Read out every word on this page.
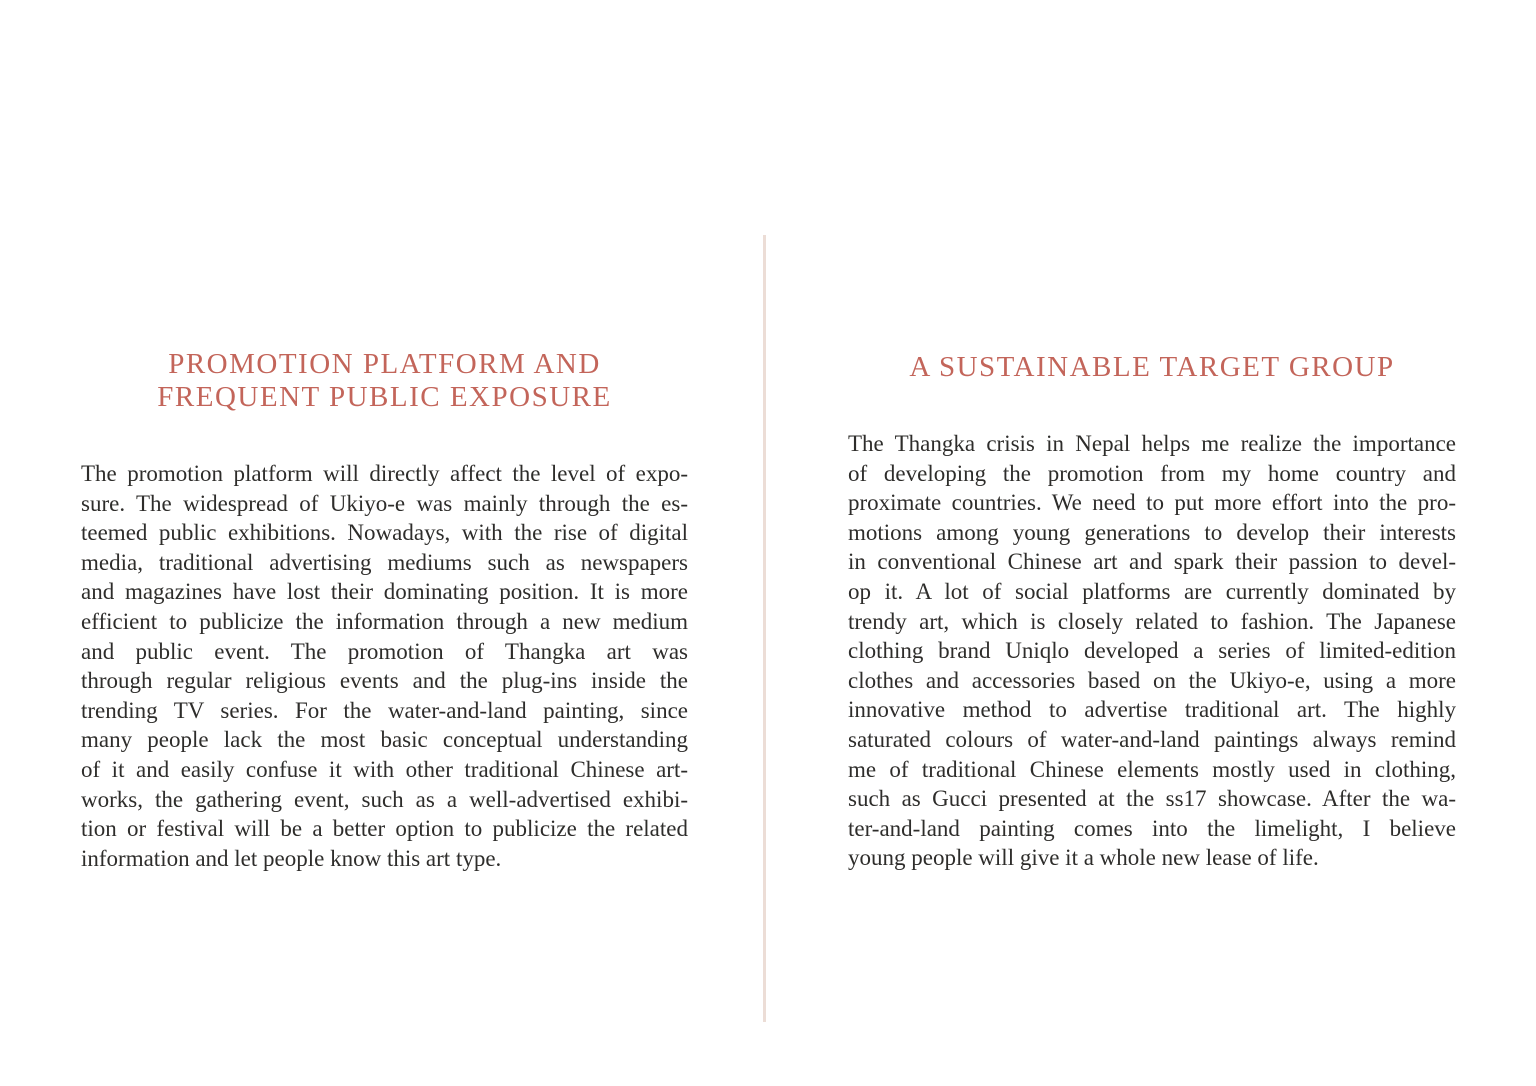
PROMOTION PLATFORM AND
FREQUENT PUBLIC EXPOSURE
The promotion platform will directly affect the level of expo-
sure. The widespread of Ukiyo-e was mainly through the es-
teemed public exhibitions. Nowadays, with the rise of digital
media, traditional advertising mediums such as newspapers
and magazines have lost their dominating position. It is more
efficient to publicize the information through a new medium
and public event. The promotion of Thangka art was
through regular religious events and the plug-ins inside the
trending TV series. For the water-and-land painting, since
many people lack the most basic conceptual understanding
of it and easily confuse it with other traditional Chinese art-
works, the gathering event, such as a well-advertised exhibi-
tion or festival will be a better option to publicize the related
information and let people know this art type.
A SUSTAINABLE TARGET GROUP
The Thangka crisis in Nepal helps me realize the importance
of developing the promotion from my home country and
proximate countries. We need to put more effort into the pro-
motions among young generations to develop their interests
in conventional Chinese art and spark their passion to devel-
op it. A lot of social platforms are currently dominated by
trendy art, which is closely related to fashion. The Japanese
clothing brand Uniqlo developed a series of limited-edition
clothes and accessories based on the Ukiyo-e, using a more
innovative method to advertise traditional art. The highly
saturated colours of water-and-land paintings always remind
me of traditional Chinese elements mostly used in clothing,
such as Gucci presented at the ss17 showcase. After the wa-
ter-and-land painting comes into the limelight, I believe
young people will give it a whole new lease of life.
